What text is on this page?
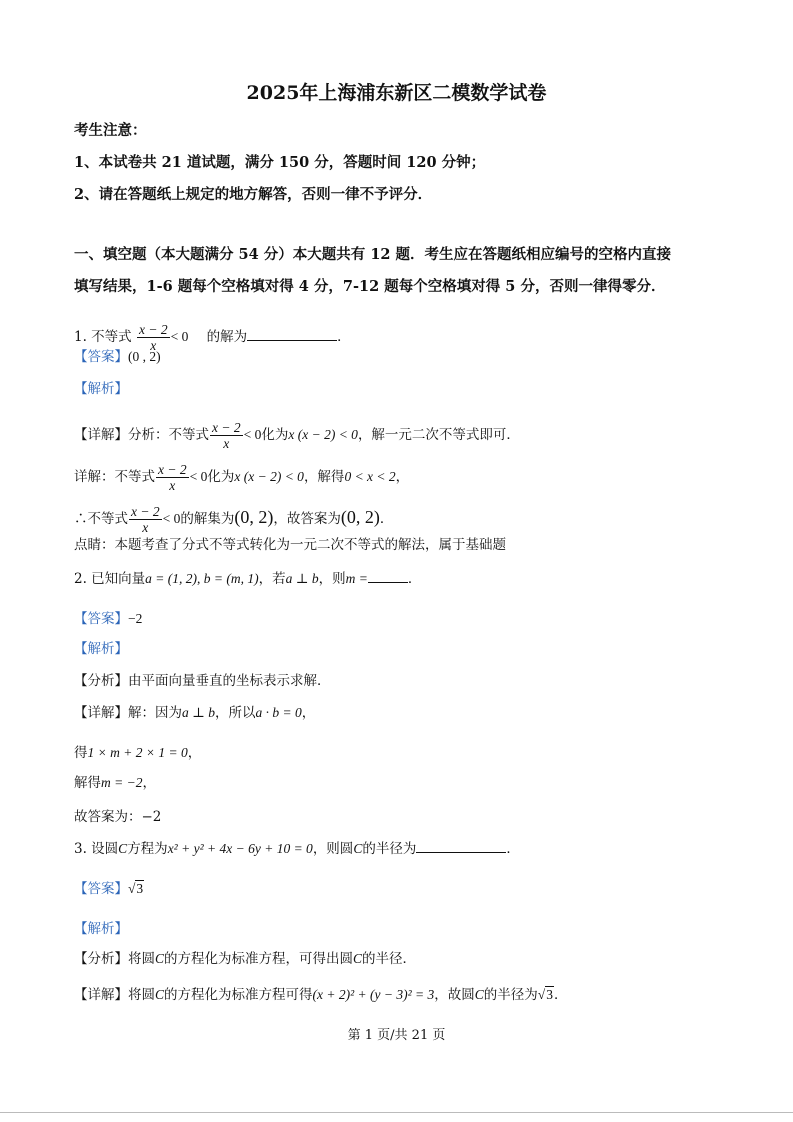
2025年上海浦东新区二模数学试卷
考生注意：
1、本试卷共 21 道试题，满分 150 分，答题时间 120 分钟；
2、请在答题纸上规定的地方解答，否则一律不予评分．
一、填空题（本大题满分 54 分）本大题共有 12 题．考生应在答题纸相应编号的空格内直接
填写结果，1-6 题每个空格填对得 4 分，7-12 题每个空格填对得 5 分，否则一律得零分．
1. 不等式 $\frac{x - 2}{x} < 0$ 的解为	．
【答案】(0 , 2)
【解析】
【详解】分析：不等式 $\frac{x - 2}{x} < 0$化为x (x − 2) < 0，解一元二次不等式即可．
详解：不等式 $\frac{x - 2}{x} < 0$化为x (x − 2) < 0，解得0 < x < 2，
∴不等式 $\frac{x - 2}{x} < 0$的解集为(0, 2)，故答案为(0, 2)．
点睛：本题考查了分式不等式转化为一元二次不等式的解法，属于基础题
2. 已知向量a = (1, 2), b = (m, 1)，若a ⊥ b，则m =	．
【答案】−2
【解析】
【分析】由平面向量垂直的坐标表示求解．
【详解】解：因为a ⊥ b，所以a · b = 0，
得1 × m + 2 × 1 = 0，
解得m = −2，
故答案为：−2
3. 设圆C方程为x² + y² + 4x − 6y + 10 = 0，则圆C的半径为	．
【答案】√3
【解析】
【分析】将圆C的方程化为标准方程，可得出圆C的半径．
【详解】将圆C的方程化为标准方程可得(x + 2)² + (y − 3)² = 3，故圆C的半径为√3．
第 1 页/共 21 页
